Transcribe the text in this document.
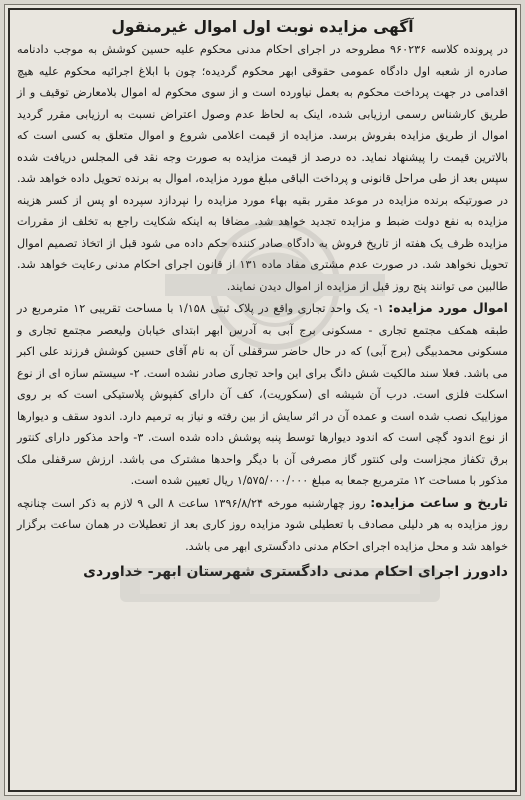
آگهی مزایده نوبت اول اموال غیرمنقول

در پرونده کلاسه ۹۶۰۲۳۶ مطروحه در اجرای احکام مدنی محکوم علیه حسین کوشش به موجب دادنامه صادره از شعبه اول دادگاه عمومی حقوقی ابهر محکوم گردیده؛ چون با ابلاغ اجرائیه محکوم علیه هیچ اقدامی در جهت پرداخت محکوم به بعمل نیاورده است و از سوی محکوم له اموال بلامعارض توقیف و از طریق کارشناس رسمی ارزیابی شده، اینک به لحاظ عدم وصول اعتراض نسبت به ارزیابی مقرر گردید اموال از طریق مزایده بفروش برسد. مزایده از قیمت اعلامی شروع و اموال متعلق به کسی است که بالاترین قیمت را پیشنهاد نماید. ده درصد از قیمت مزایده به صورت وجه نقد فی المجلس دریافت شده سپس بعد از طی مراحل قانونی و پرداخت الباقی مبلغ مورد مزایده، اموال به برنده تحویل داده خواهد شد. در صورتیکه برنده مزایده در موعد مقرر بقیه بهاء مورد مزایده را نپردازد سپرده او پس از کسر هزینه مزایده به نفع دولت ضبط و مزایده تجدید خواهد شد. مضافا به اینکه شکایت راجع به تخلف از مقررات مزایده ظرف یک هفته از تاریخ فروش به دادگاه صادر کننده حکم داده می شود قبل از اتخاذ تصمیم اموال تحویل نخواهد شد. در صورت عدم مشتری مفاد ماده ۱۳۱ از قانون اجرای احکام مدنی رعایت خواهد شد. طالبین می توانند پنج روز قبل از مزایده از اموال دیدن نمایند.

اموال مورد مزایده: ۱- یک واحد تجاری واقع در پلاک ثبتی ۱/۱۵۸ با مساحت تقریبی ۱۲ مترمربع در طبقه همکف مجتمع تجاری - مسکونی برج آبی به آدرس ابهر ابتدای خیابان ولیعصر مجتمع تجاری و مسکونی محمدبیگی (برج آبی) که در حال حاضر سرقفلی آن به نام آقای حسین کوشش فرزند علی اکبر می باشد. فعلا سند مالکیت شش دانگ برای این واحد تجاری صادر نشده است. ۲- سیستم سازه ای از نوع اسکلت فلزی است. درب آن شیشه ای (سکوریت)، کف آن دارای کفپوش پلاستیکی است که بر روی موزاییک نصب شده است و عمده آن در اثر سایش از بین رفته و نیاز به ترمیم دارد. اندود سقف و دیوارها از نوع اندود گچی است که اندود دیوارها توسط پنبه پوشش داده شده است. ۳- واحد مذکور دارای کنتور برق تکفاز مجزاست ولی کنتور گاز مصرفی آن با دیگر واحدها مشترک می باشد. ارزش سرقفلی ملک مذکور با مساحت ۱۲ مترمربع جمعا به مبلغ ۱/۵۷۵/۰۰۰/۰۰۰ ریال تعیین شده است.

تاریخ و ساعت مزایده: روز چهارشنبه مورخه ۱۳۹۶/۸/۲۴ ساعت ۸ الی ۹ لازم به ذکر است چنانچه روز مزایده به هر دلیلی مصادف با تعطیلی شود مزایده روز کاری بعد از تعطیلات در همان ساعت برگزار خواهد شد و محل مزایده اجرای احکام مدنی دادگستری ابهر می باشد.

دادورز اجرای احکام مدنی دادگستری شهرستان ابهر- خداوردی
